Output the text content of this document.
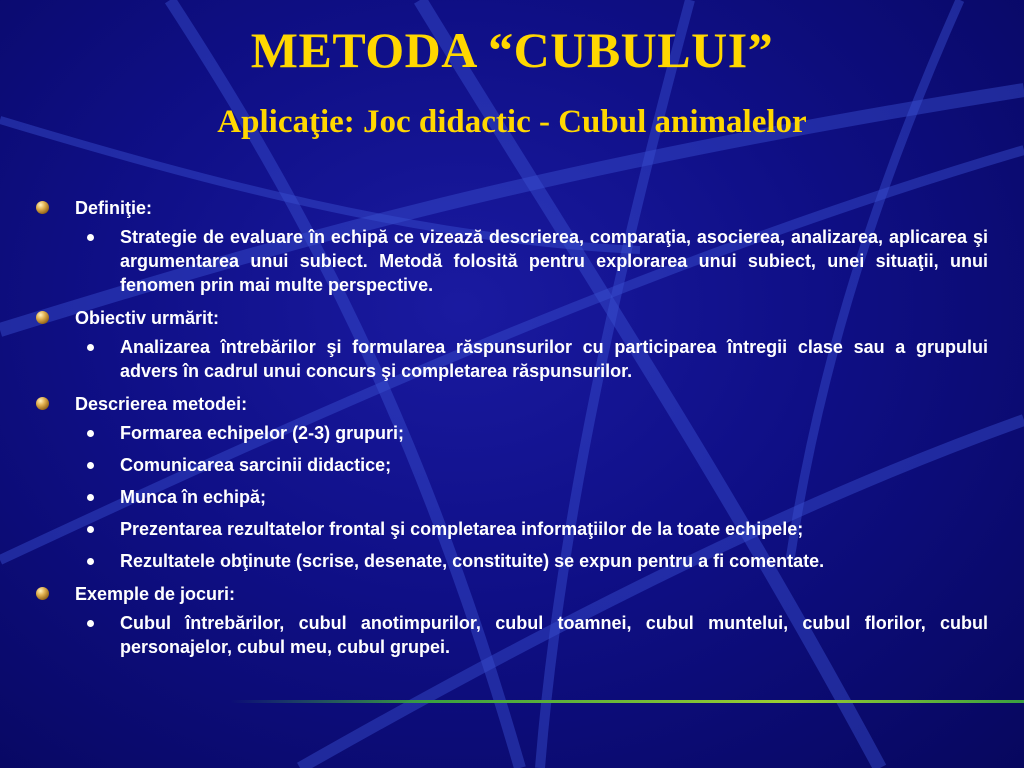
METODA “CUBULUI”
Aplicaţie: Joc didactic - Cubul animalelor
Definiţie:
Strategie de evaluare în echipă ce vizează descrierea, comparaţia, asocierea, analizarea, aplicarea şi argumentarea unui subiect. Metodă folosită pentru explorarea unui subiect, unei situaţii, unui fenomen prin mai multe perspective.
Obiectiv urmărit:
Analizarea întrebărilor şi formularea răspunsurilor cu participarea întregii clase sau a grupului advers în cadrul unui concurs şi completarea răspunsurilor.
Descrierea metodei:
Formarea echipelor (2-3) grupuri;
Comunicarea sarcinii didactice;
Munca în echipă;
Prezentarea rezultatelor frontal şi completarea informaţiilor de la toate echipele;
Rezultatele obţinute (scrise, desenate, constituite) se expun pentru a fi comentate.
Exemple de jocuri:
Cubul întrebărilor, cubul anotimpurilor, cubul toamnei, cubul muntelui, cubul florilor, cubul personajelor, cubul meu, cubul grupei.
